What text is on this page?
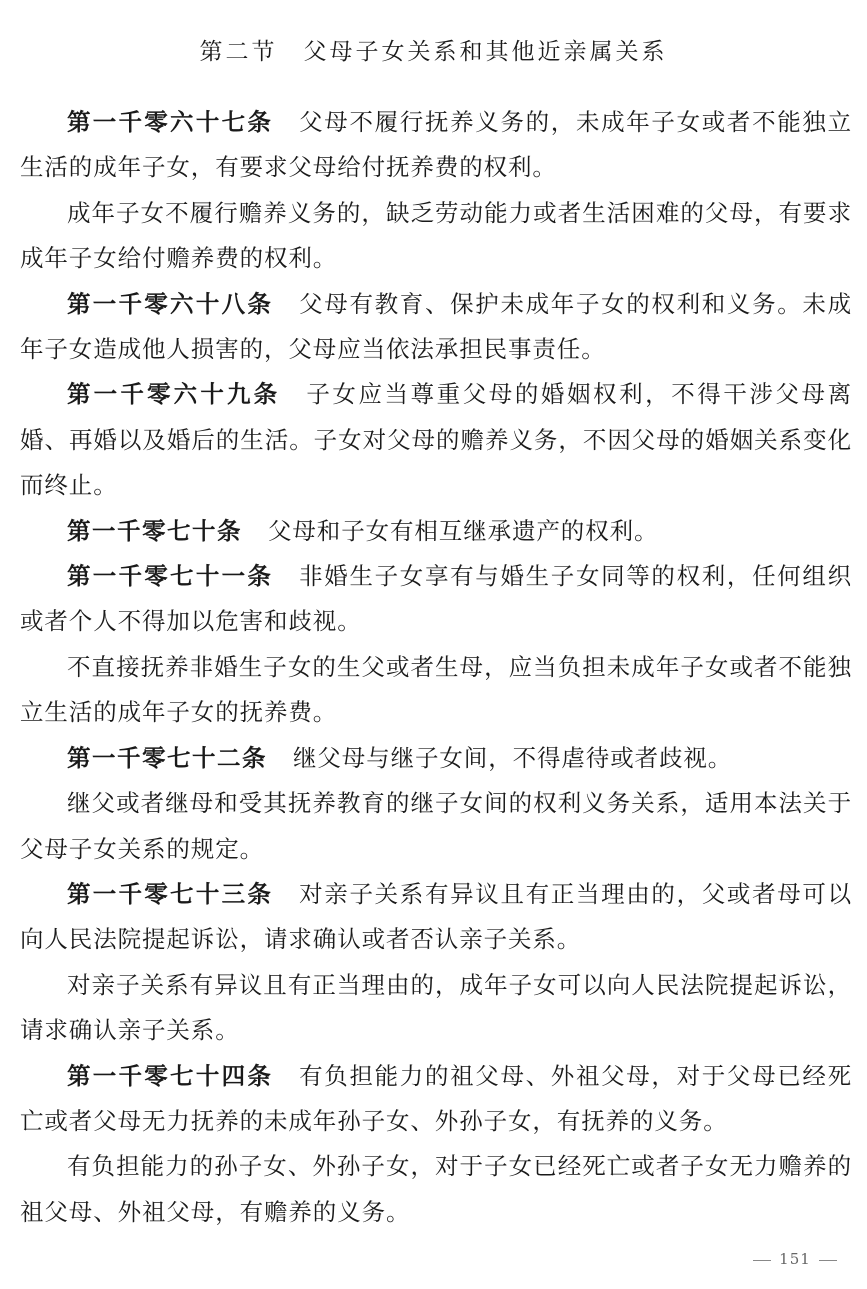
第二节　父母子女关系和其他近亲属关系

第一千零六十七条 父母不履行抚养义务的，未成年子女或者不能独立生活的成年子女，有要求父母给付抚养费的权利。

成年子女不履行赡养义务的，缺乏劳动能力或者生活困难的父母，有要求成年子女给付赡养费的权利。

第一千零六十八条 父母有教育、保护未成年子女的权利和义务。未成年子女造成他人损害的，父母应当依法承担民事责任。

第一千零六十九条 子女应当尊重父母的婚姻权利，不得干涉父母离婚、再婚以及婚后的生活。子女对父母的赡养义务，不因父母的婚姻关系变化而终止。

第一千零七十条 父母和子女有相互继承遗产的权利。

第一千零七十一条 非婚生子女享有与婚生子女同等的权利，任何组织或者个人不得加以危害和歧视。

不直接抚养非婚生子女的生父或者生母，应当负担未成年子女或者不能独立生活的成年子女的抚养费。

第一千零七十二条 继父母与继子女间，不得虐待或者歧视。

继父或者继母和受其抚养教育的继子女间的权利义务关系，适用本法关于父母子女关系的规定。

第一千零七十三条 对亲子关系有异议且有正当理由的，父或者母可以向人民法院提起诉讼，请求确认或者否认亲子关系。

对亲子关系有异议且有正当理由的，成年子女可以向人民法院提起诉讼，请求确认亲子关系。

第一千零七十四条 有负担能力的祖父母、外祖父母，对于父母已经死亡或者父母无力抚养的未成年孙子女、外孙子女，有抚养的义务。

有负担能力的孙子女、外孙子女，对于子女已经死亡或者子女无力赡养的祖父母、外祖父母，有赡养的义务。

151
